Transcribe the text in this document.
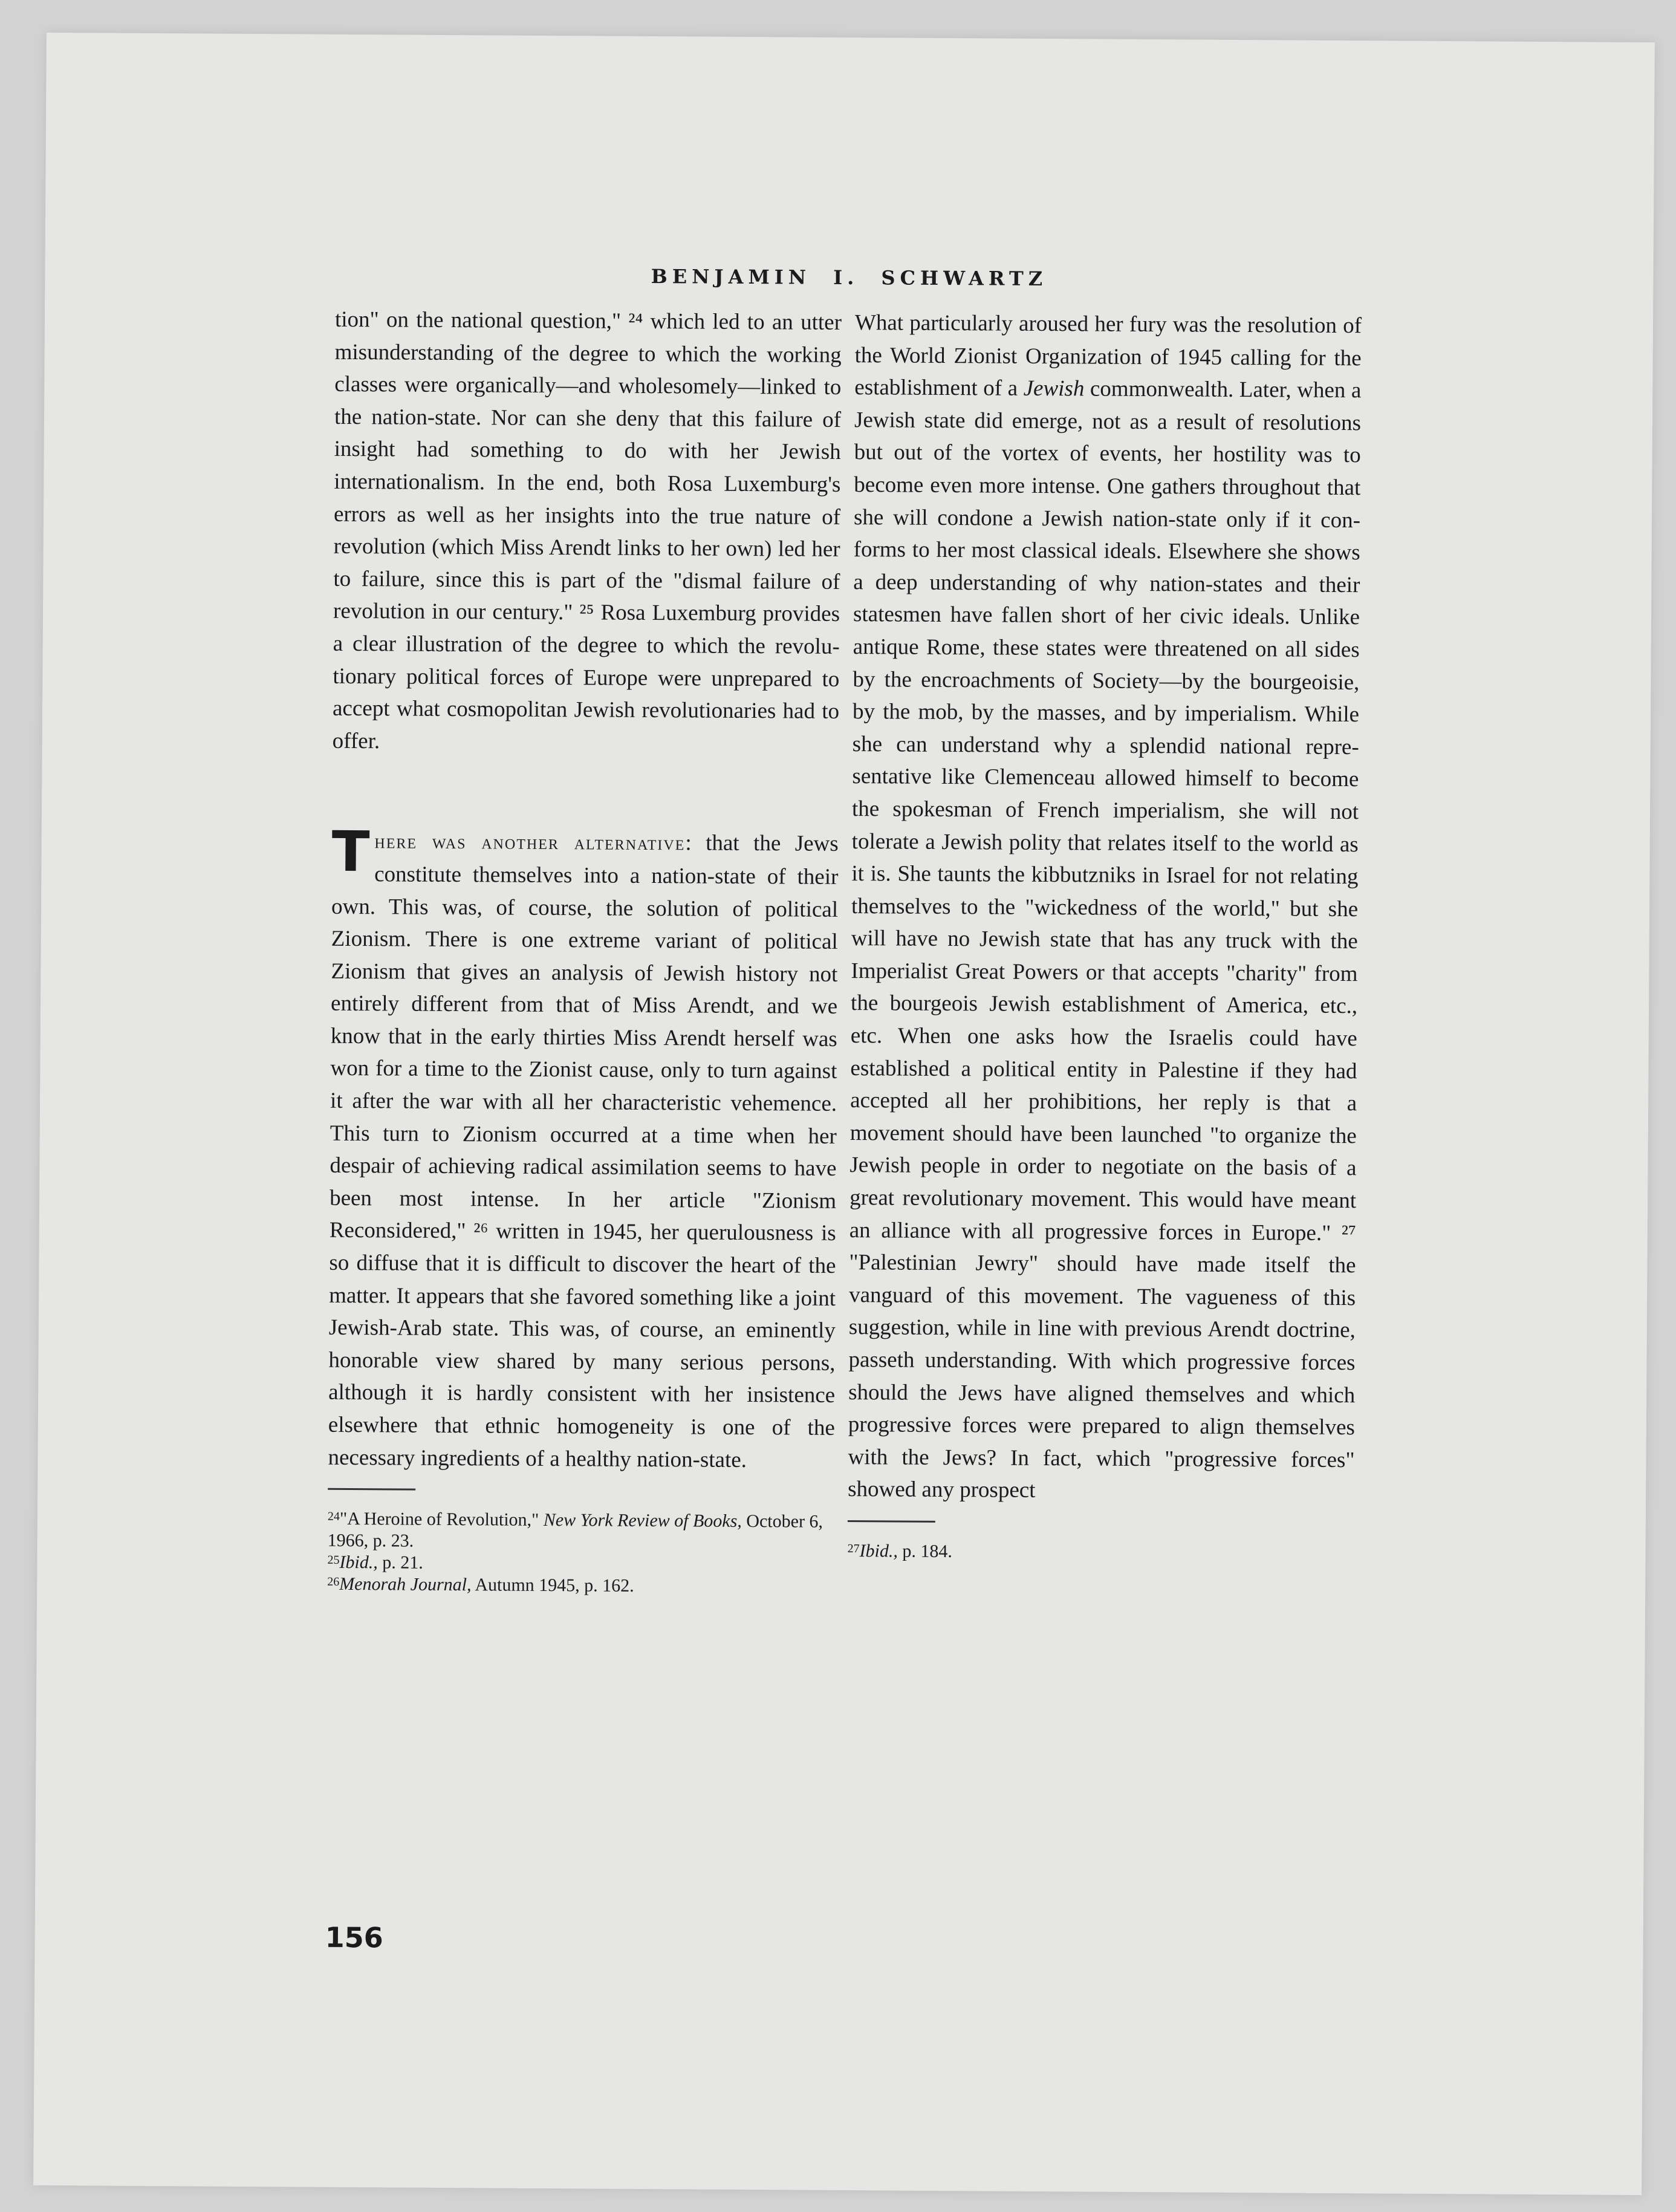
BENJAMIN I. SCHWARTZ

tion" on the national question," ²⁴ which led to an utter misunderstanding of the degree to which the working classes were organically—and wholesomely—linked to the nation-state. Nor can she deny that this failure of insight had something to do with her Jewish internationalism. In the end, both Rosa Luxemburg's errors as well as her insights into the true nature of revolution (which Miss Arendt links to her own) led her to failure, since this is part of the "dismal failure of revolution in our century." ²⁵ Rosa Luxemburg provides a clear illustration of the degree to which the revolutionary political forces of Europe were unprepared to accept what cosmopolitan Jewish revolutionaries had to offer.

There was another alternative: that the Jews constitute themselves into a nation-state of their own. This was, of course, the solution of political Zionism. There is one extreme variant of political Zionism that gives an analysis of Jewish history not entirely different from that of Miss Arendt, and we know that in the early thirties Miss Arendt herself was won for a time to the Zionist cause, only to turn against it after the war with all her characteristic vehemence. This turn to Zionism occurred at a time when her despair of achieving radical assimilation seems to have been most intense. In her article "Zionism Reconsidered," ²⁶ written in 1945, her querulousness is so diffuse that it is difficult to discover the heart of the matter. It appears that she favored something like a joint Jewish-Arab state. This was, of course, an eminently honorable view shared by many serious persons, although it is hardly consistent with her insistence elsewhere that ethnic homogeneity is one of the necessary ingredients of a healthy nation-state.

$^{24}$"A Heroine of Revolution," New York Review of Books, October 6, 1966, p. 23.
$^{25}$Ibid., p. 21.
$^{26}$Menorah Journal, Autumn 1945, p. 162.

What particularly aroused her fury was the resolution of the World Zionist Organization of 1945 calling for the establishment of a Jewish commonwealth. Later, when a Jewish state did emerge, not as a result of resolutions but out of the vortex of events, her hostility was to become even more intense. One gathers throughout that she will condone a Jewish nation-state only if it conforms to her most classical ideals. Elsewhere she shows a deep understanding of why nation-states and their statesmen have fallen short of her civic ideals. Unlike antique Rome, these states were threatened on all sides by the encroachments of Society—by the bourgeoisie, by the mob, by the masses, and by imperialism. While she can understand why a splendid national representative like Clemenceau allowed himself to become the spokesman of French imperialism, she will not tolerate a Jewish polity that relates itself to the world as it is. She taunts the kibbutzniks in Israel for not relating themselves to the "wickedness of the world," but she will have no Jewish state that has any truck with the Imperialist Great Powers or that accepts "charity" from the bourgeois Jewish establishment of America, etc., etc. When one asks how the Israelis could have established a political entity in Palestine if they had accepted all her prohibitions, her reply is that a movement should have been launched "to organize the Jewish people in order to negotiate on the basis of a great revolutionary movement. This would have meant an alliance with all progressive forces in Europe." ²⁷ "Palestinian Jewry" should have made itself the vanguard of this movement. The vagueness of this suggestion, while in line with previous Arendt doctrine, passeth understanding. With which progressive forces should the Jews have aligned themselves and which progressive forces were prepared to align themselves with the Jews? In fact, which "progressive forces" showed any prospect

$^{27}$Ibid., p. 184.
156
